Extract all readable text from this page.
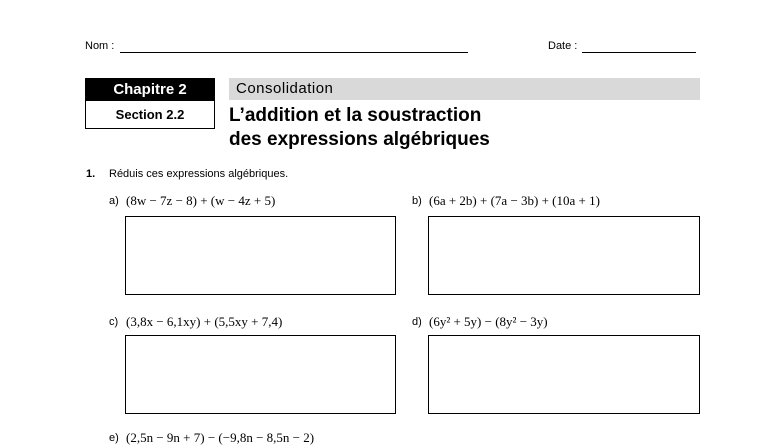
Nom :	Date :
Chapitre 2
Section 2.2
Consolidation
L’addition et la soustraction
des expressions algébriques
1. Réduis ces expressions algébriques.
a) (8w − 7z − 8) + (w − 4z + 5)	b) (6a + 2b) + (7a − 3b) + (10a + 1)
c) (3,8x − 6,1xy) + (5,5xy + 7,4)	d) (6y² + 5y) − (8y² − 3y)
e) (2,5n − 9n + 7) − (−9,8n − 8,5n − 2)
